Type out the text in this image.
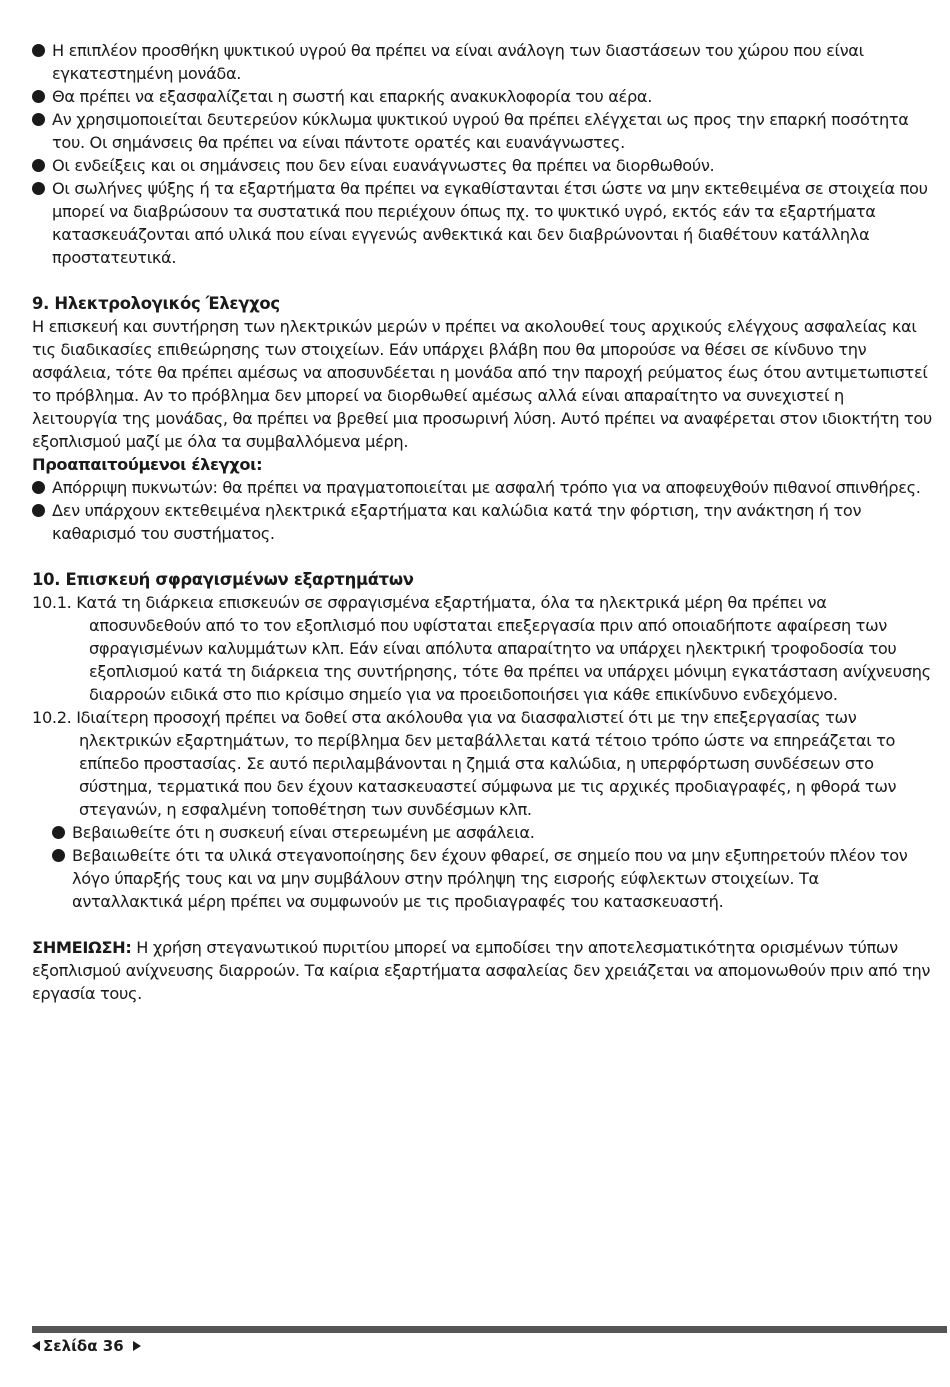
Η επιπλέον προσθήκη ψυκτικού υγρού θα πρέπει να είναι ανάλογη των διαστάσεων του χώρου που είναι εγκατεστημένη μονάδα.

Θα πρέπει να εξασφαλίζεται η σωστή και επαρκής ανακυκλοφορία του αέρα.

Αν χρησιμοποιείται δευτερεύον κύκλωμα ψυκτικού υγρού θα πρέπει ελέγχεται ως προς την επαρκή ποσότητα του. Οι σημάνσεις θα πρέπει να είναι πάντοτε ορατές και ευανάγνωστες.

Οι ενδείξεις και οι σημάνσεις που δεν είναι ευανάγνωστες θα πρέπει να διορθωθούν.

Οι σωλήνες ψύξης ή τα εξαρτήματα θα πρέπει να εγκαθίστανται έτσι ώστε να μην εκτεθειμένα σε στοιχεία που μπορεί να διαβρώσουν τα συστατικά που περιέχουν όπως πχ. το ψυκτικό υγρό, εκτός εάν τα εξαρτήματα κατασκευάζονται από υλικά που είναι εγγενώς ανθεκτικά και δεν διαβρώνονται ή διαθέτουν κατάλληλα προστατευτικά.

9. Ηλεκτρολογικός Έλεγχος

Η επισκευή και συντήρηση των ηλεκτρικών μερών ν πρέπει να ακολουθεί τους αρχικούς ελέγχους ασφαλείας και τις διαδικασίες επιθεώρησης των στοιχείων. Εάν υπάρχει βλάβη που θα μπορούσε να θέσει σε κίνδυνο την ασφάλεια, τότε θα πρέπει αμέσως να αποσυνδέεται η μονάδα από την παροχή ρεύματος έως ότου αντιμετωπιστεί το πρόβλημα. Αν το πρόβλημα δεν μπορεί να διορθωθεί αμέσως αλλά είναι απαραίτητο να συνεχιστεί η λειτουργία της μονάδας, θα πρέπει να βρεθεί μια προσωρινή λύση. Αυτό πρέπει να αναφέρεται στον ιδιοκτήτη του εξοπλισμού μαζί με όλα τα συμβαλλόμενα μέρη.

Προαπαιτούμενοι έλεγχοι:

Απόρριψη πυκνωτών: θα πρέπει να πραγματοποιείται με ασφαλή τρόπο για να αποφευχθούν πιθανοί σπινθήρες.

Δεν υπάρχουν εκτεθειμένα ηλεκτρικά εξαρτήματα και καλώδια κατά την φόρτιση, την ανάκτηση ή τον καθαρισμό του συστήματος.

10. Επισκευή σφραγισμένων εξαρτημάτων

10.1. Κατά τη διάρκεια επισκευών σε σφραγισμένα εξαρτήματα, όλα τα ηλεκτρικά μέρη θα πρέπει να αποσυνδεθούν από το τον εξοπλισμό που υφίσταται επεξεργασία πριν από οποιαδήποτε αφαίρεση των σφραγισμένων καλυμμάτων κλπ. Εάν είναι απόλυτα απαραίτητο να υπάρχει ηλεκτρική τροφοδοσία του εξοπλισμού κατά τη διάρκεια της συντήρησης, τότε θα πρέπει να υπάρχει μόνιμη εγκατάσταση ανίχνευσης διαρροών ειδικά στο πιο κρίσιμο σημείο για να προειδοποιήσει για κάθε επικίνδυνο ενδεχόμενο.

10.2. Ιδιαίτερη προσοχή πρέπει να δοθεί στα ακόλουθα για να διασφαλιστεί ότι με την επεξεργασίας των ηλεκτρικών εξαρτημάτων, το περίβλημα δεν μεταβάλλεται κατά τέτοιο τρόπο ώστε να επηρεάζεται το επίπεδο προστασίας. Σε αυτό περιλαμβάνονται η ζημιά στα καλώδια, η υπερφόρτωση συνδέσεων στο σύστημα, τερματικά που δεν έχουν κατασκευαστεί σύμφωνα με τις αρχικές προδιαγραφές, η φθορά των στεγανών, η εσφαλμένη τοποθέτηση των συνδέσμων κλπ.

Βεβαιωθείτε ότι η συσκευή είναι στερεωμένη με ασφάλεια.

Βεβαιωθείτε ότι τα υλικά στεγανοποίησης δεν έχουν φθαρεί, σε σημείο που να μην εξυπηρετούν πλέον τον λόγο ύπαρξής τους και να μην συμβάλουν στην πρόληψη της εισροής εύφλεκτων στοιχείων. Τα ανταλλακτικά μέρη πρέπει να συμφωνούν με τις προδιαγραφές του κατασκευαστή.

ΣΗΜΕΙΩΣΗ: Η χρήση στεγανωτικού πυριτίου μπορεί να εμποδίσει την αποτελεσματικότητα ορισμένων τύπων εξοπλισμού ανίχνευσης διαρροών. Τα καίρια εξαρτήματα ασφαλείας δεν χρειάζεται να απομονωθούν πριν από την εργασία τους.

Σελίδα 36
